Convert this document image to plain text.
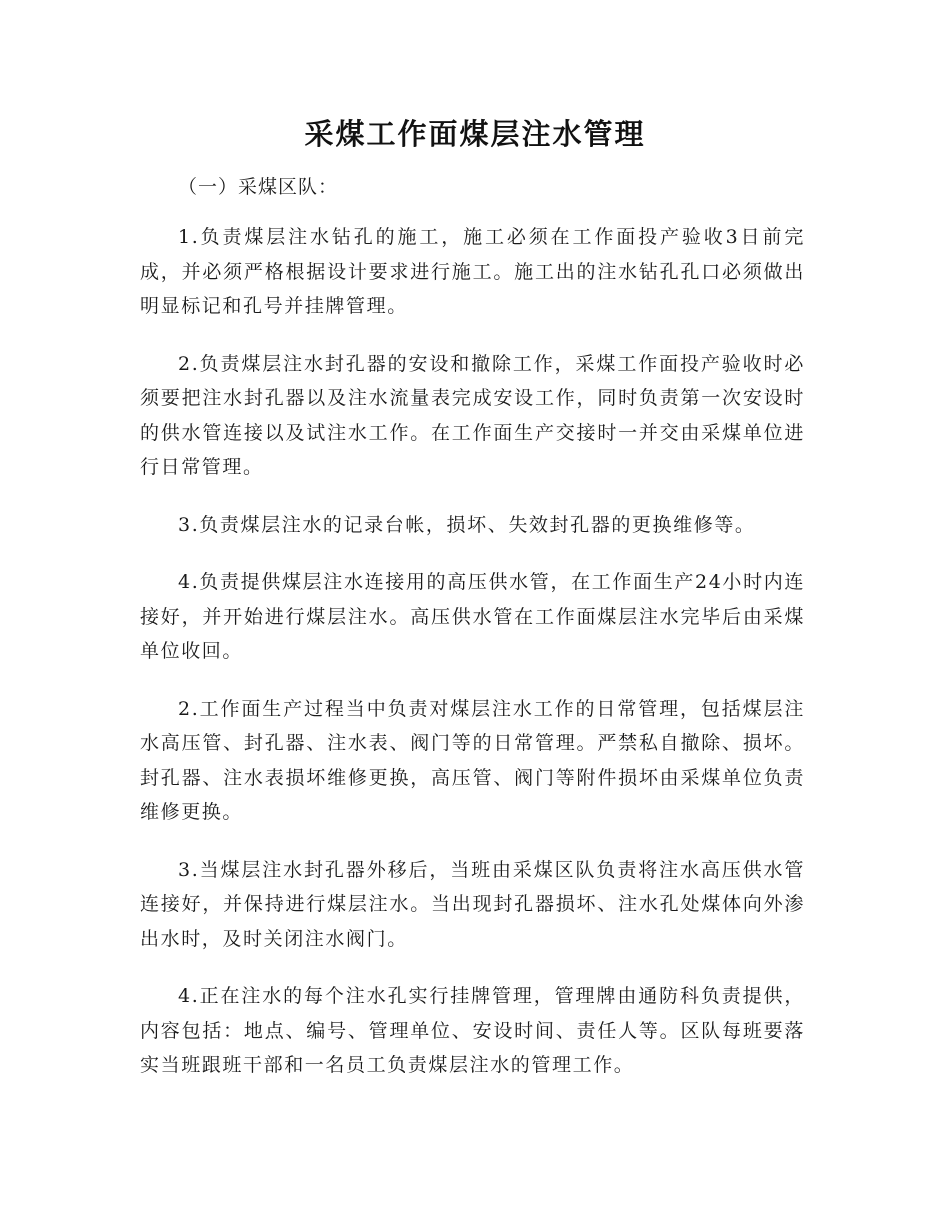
采煤工作面煤层注水管理
（一）采煤区队：

1.负责煤层注水钻孔的施工，施工必须在工作面投产验收3日前完成，并必须严格根据设计要求进行施工。施工出的注水钻孔孔口必须做出明显标记和孔号并挂牌管理。

2.负责煤层注水封孔器的安设和撤除工作，采煤工作面投产验收时必须要把注水封孔器以及注水流量表完成安设工作，同时负责第一次安设时的供水管连接以及试注水工作。在工作面生产交接时一并交由采煤单位进行日常管理。

3.负责煤层注水的记录台帐，损坏、失效封孔器的更换维修等。

4.负责提供煤层注水连接用的高压供水管，在工作面生产24小时内连接好，并开始进行煤层注水。高压供水管在工作面煤层注水完毕后由采煤单位收回。

2.工作面生产过程当中负责对煤层注水工作的日常管理，包括煤层注水高压管、封孔器、注水表、阀门等的日常管理。严禁私自撤除、损坏。封孔器、注水表损坏维修更换，高压管、阀门等附件损坏由采煤单位负责维修更换。

3.当煤层注水封孔器外移后，当班由采煤区队负责将注水高压供水管连接好，并保持进行煤层注水。当出现封孔器损坏、注水孔处煤体向外渗出水时，及时关闭注水阀门。

4.正在注水的每个注水孔实行挂牌管理，管理牌由通防科负责提供，内容包括：地点、编号、管理单位、安设时间、责任人等。区队每班要落实当班跟班干部和一名员工负责煤层注水的管理工作。
